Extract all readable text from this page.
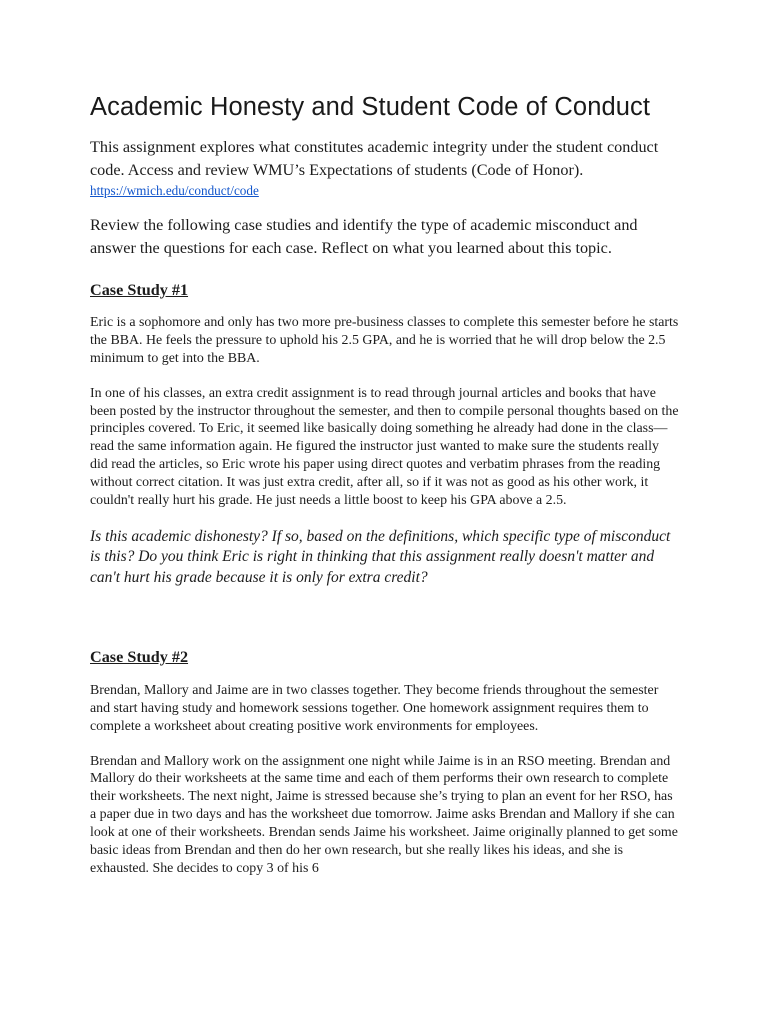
Academic Honesty and Student Code of Conduct

This assignment explores what constitutes academic integrity under the student conduct code. Access and review WMU’s Expectations of students (Code of Honor).

https://wmich.edu/conduct/code

Review the following case studies and identify the type of academic misconduct and answer the questions for each case. Reflect on what you learned about this topic.

Case Study #1

Eric is a sophomore and only has two more pre-business classes to complete this semester before he starts the BBA. He feels the pressure to uphold his 2.5 GPA, and he is worried that he will drop below the 2.5 minimum to get into the BBA.

In one of his classes, an extra credit assignment is to read through journal articles and books that have been posted by the instructor throughout the semester, and then to compile personal thoughts based on the principles covered. To Eric, it seemed like basically doing something he already had done in the class—read the same information again. He figured the instructor just wanted to make sure the students really did read the articles, so Eric wrote his paper using direct quotes and verbatim phrases from the reading without correct citation. It was just extra credit, after all, so if it was not as good as his other work, it couldn't really hurt his grade. He just needs a little boost to keep his GPA above a 2.5.

Is this academic dishonesty? If so, based on the definitions, which specific type of misconduct is this? Do you think Eric is right in thinking that this assignment really doesn't matter and can't hurt his grade because it is only for extra credit?

Case Study #2

Brendan, Mallory and Jaime are in two classes together. They become friends throughout the semester and start having study and homework sessions together. One homework assignment requires them to complete a worksheet about creating positive work environments for employees.

Brendan and Mallory work on the assignment one night while Jaime is in an RSO meeting. Brendan and Mallory do their worksheets at the same time and each of them performs their own research to complete their worksheets. The next night, Jaime is stressed because she’s trying to plan an event for her RSO, has a paper due in two days and has the worksheet due tomorrow. Jaime asks Brendan and Mallory if she can look at one of their worksheets. Brendan sends Jaime his worksheet. Jaime originally planned to get some basic ideas from Brendan and then do her own research, but she really likes his ideas, and she is exhausted. She decides to copy 3 of his 6
